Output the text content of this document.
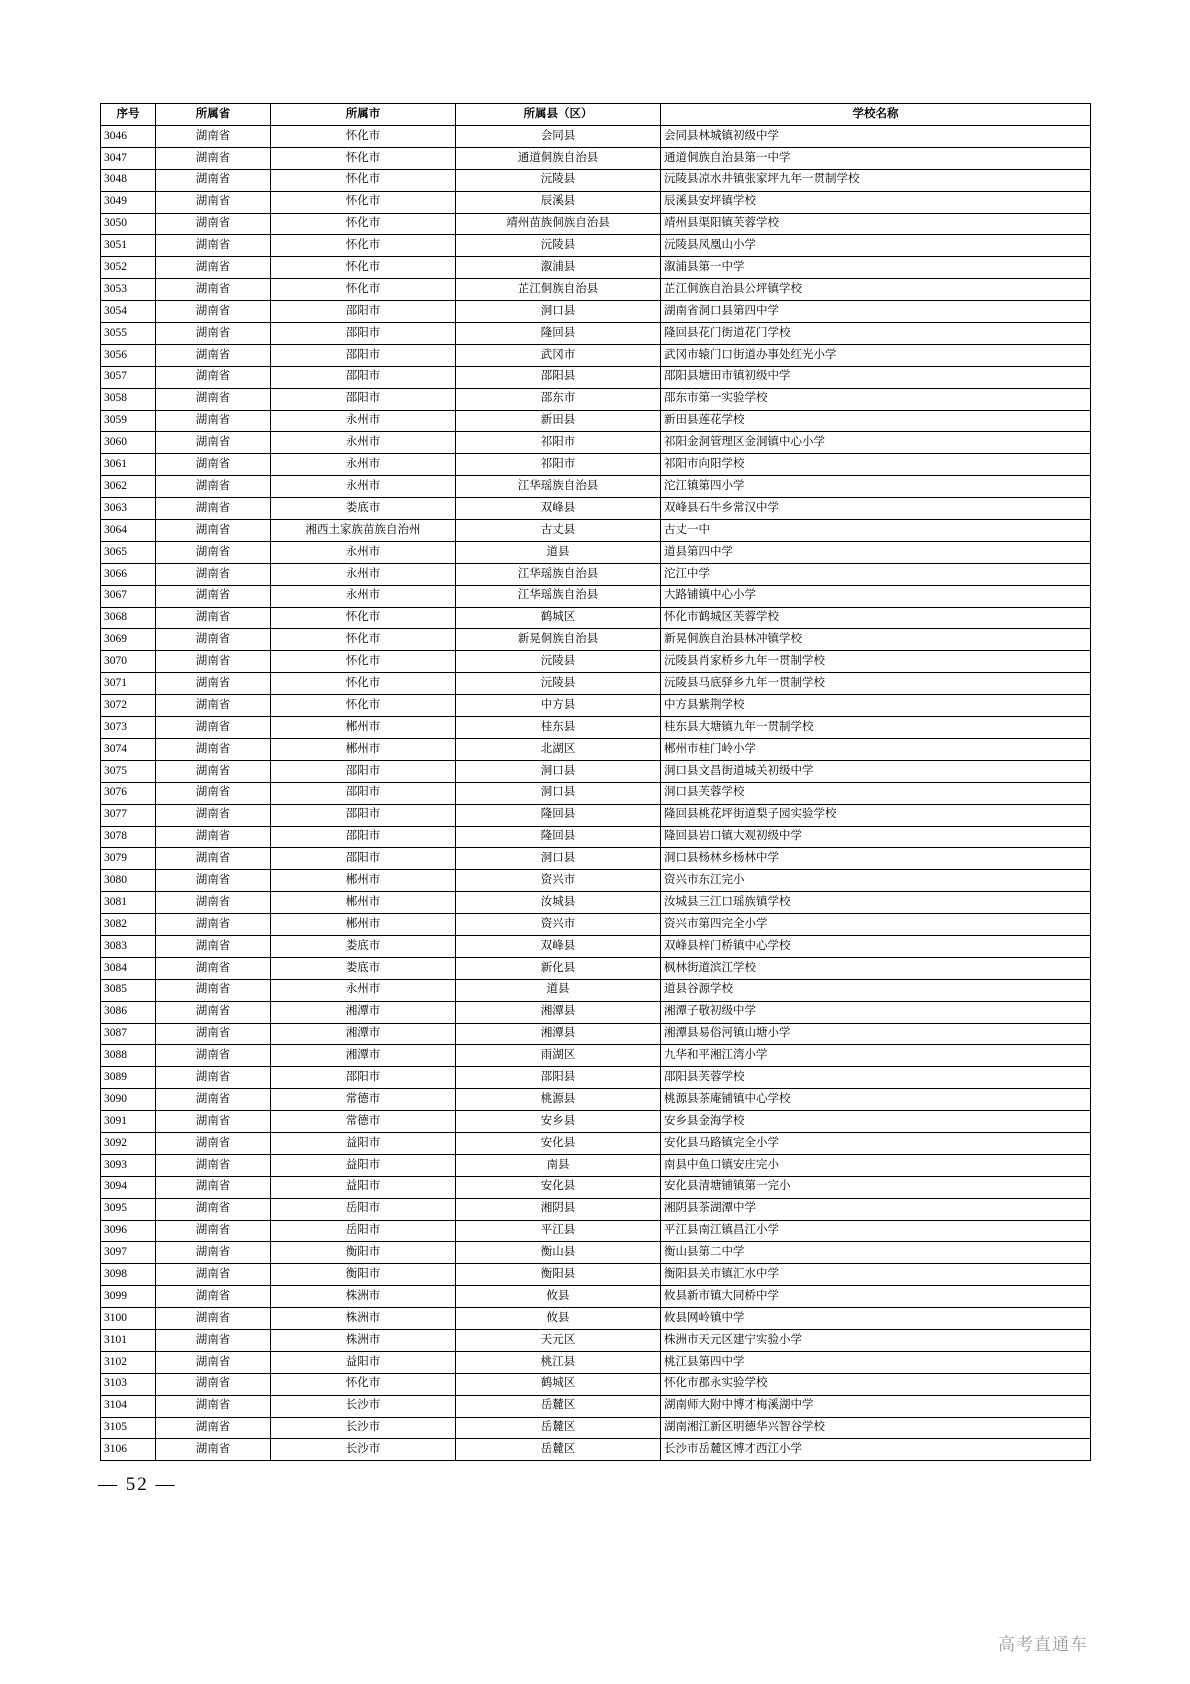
序号	所属省	所属市	所属县（区）	学校名称
3046	湖南省	怀化市	会同县	会同县林城镇初级中学
3047	湖南省	怀化市	通道侗族自治县	通道侗族自治县第一中学
3048	湖南省	怀化市	沅陵县	沅陵县凉水井镇张家坪九年一贯制学校
3049	湖南省	怀化市	辰溪县	辰溪县安坪镇学校
3050	湖南省	怀化市	靖州苗族侗族自治县	靖州县渠阳镇芙蓉学校
3051	湖南省	怀化市	沅陵县	沅陵县凤凰山小学
3052	湖南省	怀化市	溆浦县	溆浦县第一中学
3053	湖南省	怀化市	芷江侗族自治县	芷江侗族自治县公坪镇学校
3054	湖南省	邵阳市	洞口县	湖南省洞口县第四中学
3055	湖南省	邵阳市	隆回县	隆回县花门街道花门学校
3056	湖南省	邵阳市	武冈市	武冈市辕门口街道办事处红光小学
3057	湖南省	邵阳市	邵阳县	邵阳县塘田市镇初级中学
3058	湖南省	邵阳市	邵东市	邵东市第一实验学校
3059	湖南省	永州市	新田县	新田县莲花学校
3060	湖南省	永州市	祁阳市	祁阳金洞管理区金洞镇中心小学
3061	湖南省	永州市	祁阳市	祁阳市向阳学校
3062	湖南省	永州市	江华瑶族自治县	沱江镇第四小学
3063	湖南省	娄底市	双峰县	双峰县石牛乡常汉中学
3064	湖南省	湘西土家族苗族自治州	古丈县	古丈一中
3065	湖南省	永州市	道县	道县第四中学
3066	湖南省	永州市	江华瑶族自治县	沱江中学
3067	湖南省	永州市	江华瑶族自治县	大路铺镇中心小学
3068	湖南省	怀化市	鹤城区	怀化市鹤城区芙蓉学校
3069	湖南省	怀化市	新晃侗族自治县	新晃侗族自治县林冲镇学校
3070	湖南省	怀化市	沅陵县	沅陵县肖家桥乡九年一贯制学校
3071	湖南省	怀化市	沅陵县	沅陵县马底驿乡九年一贯制学校
3072	湖南省	怀化市	中方县	中方县紫荆学校
3073	湖南省	郴州市	桂东县	桂东县大塘镇九年一贯制学校
3074	湖南省	郴州市	北湖区	郴州市桂门岭小学
3075	湖南省	邵阳市	洞口县	洞口县文昌街道城关初级中学
3076	湖南省	邵阳市	洞口县	洞口县芙蓉学校
3077	湖南省	邵阳市	隆回县	隆回县桃花坪街道梨子园实验学校
3078	湖南省	邵阳市	隆回县	隆回县岩口镇大观初级中学
3079	湖南省	邵阳市	洞口县	洞口县杨林乡杨林中学
3080	湖南省	郴州市	资兴市	资兴市东江完小
3081	湖南省	郴州市	汝城县	汝城县三江口瑶族镇学校
3082	湖南省	郴州市	资兴市	资兴市第四完全小学
3083	湖南省	娄底市	双峰县	双峰县梓门桥镇中心学校
3084	湖南省	娄底市	新化县	枫林街道滨江学校
3085	湖南省	永州市	道县	道县谷源学校
3086	湖南省	湘潭市	湘潭县	湘潭子敬初级中学
3087	湖南省	湘潭市	湘潭县	湘潭县易俗河镇山塘小学
3088	湖南省	湘潭市	雨湖区	九华和平湘江湾小学
3089	湖南省	邵阳市	邵阳县	邵阳县芙蓉学校
3090	湖南省	常德市	桃源县	桃源县茶庵铺镇中心学校
3091	湖南省	常德市	安乡县	安乡县金海学校
3092	湖南省	益阳市	安化县	安化县马路镇完全小学
3093	湖南省	益阳市	南县	南县中鱼口镇安庄完小
3094	湖南省	益阳市	安化县	安化县清塘铺镇第一完小
3095	湖南省	岳阳市	湘阴县	湘阴县茶湖潭中学
3096	湖南省	岳阳市	平江县	平江县南江镇昌江小学
3097	湖南省	衡阳市	衡山县	衡山县第二中学
3098	湖南省	衡阳市	衡阳县	衡阳县关市镇汇水中学
3099	湖南省	株洲市	攸县	攸县新市镇大同桥中学
3100	湖南省	株洲市	攸县	攸县网岭镇中学
3101	湖南省	株洲市	天元区	株洲市天元区建宁实验小学
3102	湖南省	益阳市	桃江县	桃江县第四中学
3103	湖南省	怀化市	鹤城区	怀化市郡永实验学校
3104	湖南省	长沙市	岳麓区	湖南师大附中博才梅溪湖中学
3105	湖南省	长沙市	岳麓区	湖南湘江新区明德华兴智谷学校
3106	湖南省	长沙市	岳麓区	长沙市岳麓区博才西江小学
— 52 —
高考直通车
